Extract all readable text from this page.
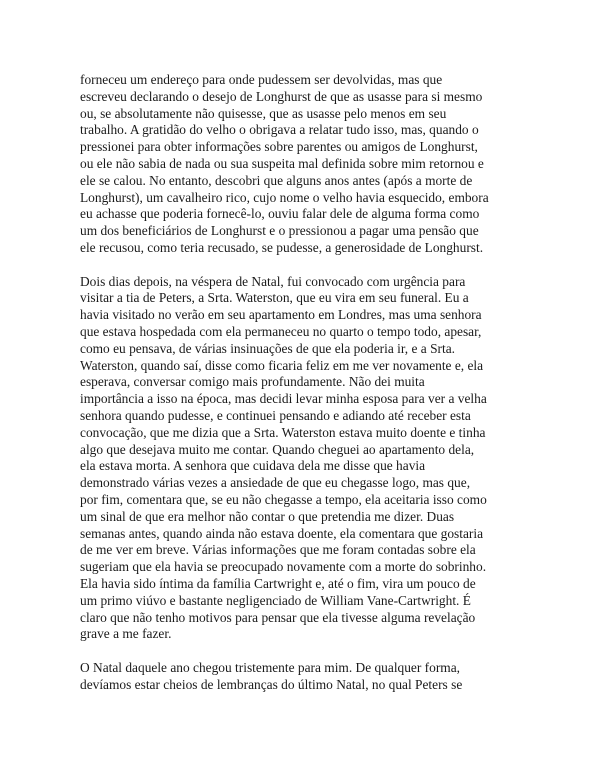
forneceu um endereço para onde pudessem ser devolvidas, mas que
escreveu declarando o desejo de Longhurst de que as usasse para si mesmo
ou, se absolutamente não quisesse, que as usasse pelo menos em seu
trabalho. A gratidão do velho o obrigava a relatar tudo isso, mas, quando o
pressionei para obter informações sobre parentes ou amigos de Longhurst,
ou ele não sabia de nada ou sua suspeita mal definida sobre mim retornou e
ele se calou. No entanto, descobri que alguns anos antes (após a morte de
Longhurst), um cavalheiro rico, cujo nome o velho havia esquecido, embora
eu achasse que poderia fornecê-lo, ouviu falar dele de alguma forma como
um dos beneficiários de Longhurst e o pressionou a pagar uma pensão que
ele recusou, como teria recusado, se pudesse, a generosidade de Longhurst.

Dois dias depois, na véspera de Natal, fui convocado com urgência para
visitar a tia de Peters, a Srta. Waterston, que eu vira em seu funeral. Eu a
havia visitado no verão em seu apartamento em Londres, mas uma senhora
que estava hospedada com ela permaneceu no quarto o tempo todo, apesar,
como eu pensava, de várias insinuações de que ela poderia ir, e a Srta.
Waterston, quando saí, disse como ficaria feliz em me ver novamente e, ela
esperava, conversar comigo mais profundamente. Não dei muita
importância a isso na época, mas decidi levar minha esposa para ver a velha
senhora quando pudesse, e continuei pensando e adiando até receber esta
convocação, que me dizia que a Srta. Waterston estava muito doente e tinha
algo que desejava muito me contar. Quando cheguei ao apartamento dela,
ela estava morta. A senhora que cuidava dela me disse que havia
demonstrado várias vezes a ansiedade de que eu chegasse logo, mas que,
por fim, comentara que, se eu não chegasse a tempo, ela aceitaria isso como
um sinal de que era melhor não contar o que pretendia me dizer. Duas
semanas antes, quando ainda não estava doente, ela comentara que gostaria
de me ver em breve. Várias informações que me foram contadas sobre ela
sugeriam que ela havia se preocupado novamente com a morte do sobrinho.
Ela havia sido íntima da família Cartwright e, até o fim, vira um pouco de
um primo viúvo e bastante negligenciado de William Vane-Cartwright. É
claro que não tenho motivos para pensar que ela tivesse alguma revelação
grave a me fazer.

O Natal daquele ano chegou tristemente para mim. De qualquer forma,
devíamos estar cheios de lembranças do último Natal, no qual Peters se
